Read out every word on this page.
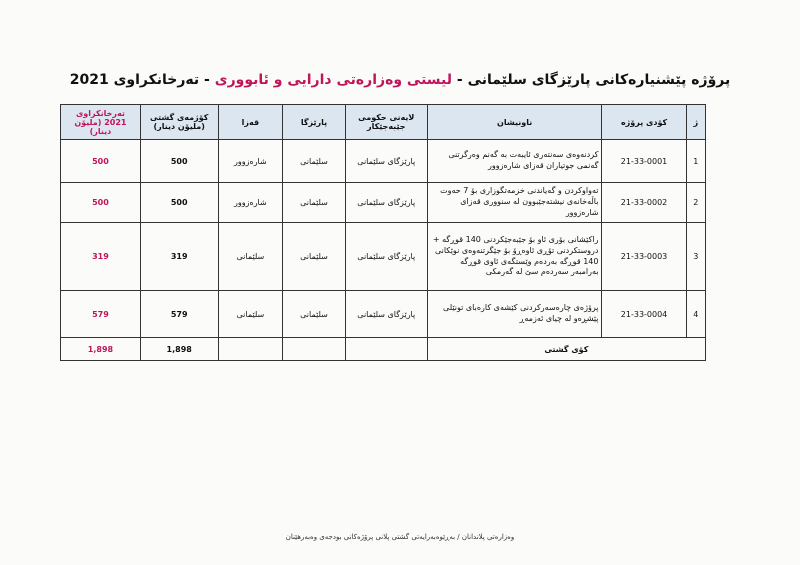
پرۆژە پێشنیارەکانی پارێزگای سلێمانی - لیستی وەزارەتی دارایی و ئابووری - تەرخانکراوی 2021
ژ	کۆدی پرۆژە	ناونیشان	لایەنی حکومی جێبەجێکار	پارێزگا	قەزا	کۆژمەی گشتی (ملیۆن دینار)	تەرخانکراوی 2021 (ملیۆن دینار)
1	21-33-0001	کردنەوەی سەنتەری ئایبەت بە گەنم وەرگرتنی گەنمی جوتیاران قەزای شارەزوور	پارێزگای سلێمانی	سلێمانی	شارەزوور	500	500
2	21-33-0002	تەواوکردن و گەیاندنی خزمەتگوزاری بۆ 7 حەوت باڵەخانەی نیشتەجێبوون لە سنووری قەزای شارەزوور	پارێزگای سلێمانی	سلێمانی	شارەزوور	500	500
3	21-33-0003	راکێشانی بۆری ئاو بۆ جێبەجێکردنی 140 قوڕگە + دروستکردنی تۆڕی ئاوەڕۆ بۆ جێگرتنەوەی نوێکانی 140 قوڕگە بەردەم وێستگەی ئاوی قوڕگە بەرامبەر سەردەم سێ لە گەرمکی	پارێزگای سلێمانی	سلێمانی	سلێمانی	319	319
4	21-33-0004	پرۆژەی چارەسەرکردنی کێشەی کارەبای تونێلی پێشڕەو لە چیای ئەزمەڕ	پارێزگای سلێمانی	سلێمانی	سلێمانی	579	579
کۆی گشتی						1,898	1,898
وەزارەتی پلاندانان / بەڕێوەبەرایەتی گشتی پلانی پرۆژەکانی بودجەی وەبەرهێنان
